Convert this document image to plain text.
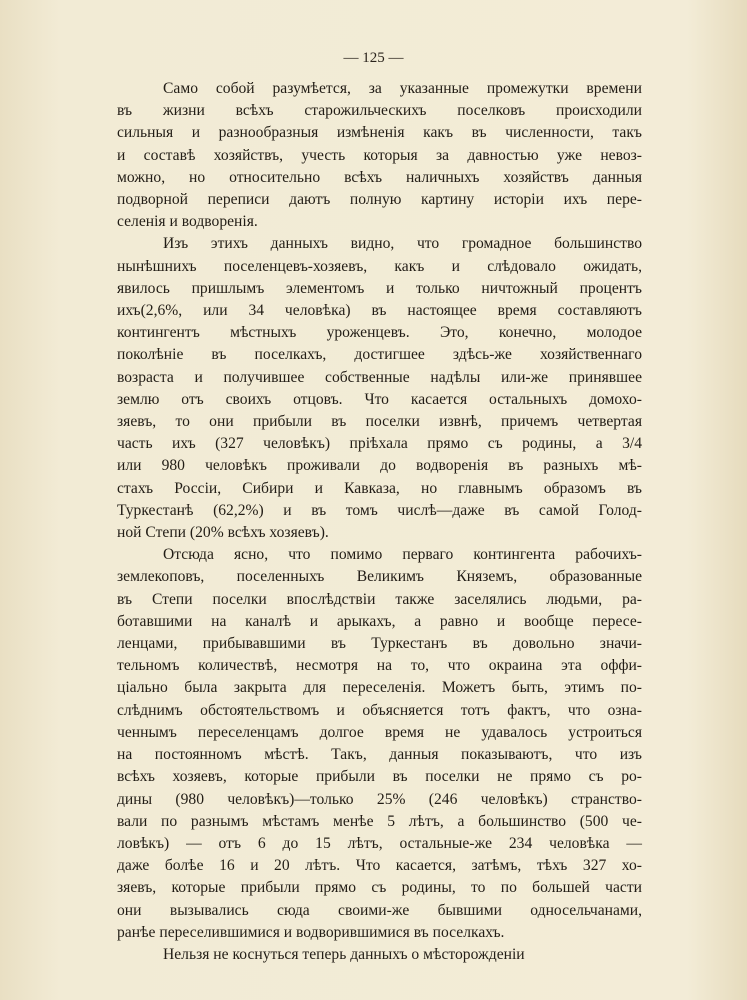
— 125 —

Само собой разумѣется, за указанные промежутки времени
въ жизни всѣхъ старожильческихъ поселковъ происходили
сильныя и разнообразныя измѣненія какъ въ численности, такъ
и составѣ хозяйствъ, учесть которыя за давностью уже невоз-
можно, но относительно всѣхъ наличныхъ хозяйствъ данныя
подворной переписи даютъ полную картину исторіи ихъ пере-
селенія и водворенія.

Изъ этихъ данныхъ видно, что громадное большинство
нынѣшнихъ поселенцевъ-хозяевъ, какъ и слѣдовало ожидать,
явилось пришлымъ элементомъ и только ничтожный процентъ
ихъ(2,6%, или 34 человѣка) въ настоящее время составляютъ
контингентъ мѣстныхъ уроженцевъ. Это, конечно, молодое
поколѣніе въ поселкахъ, достигшее здѣсь-же хозяйственнаго
возраста и получившее собственные надѣлы или-же принявшее
землю отъ своихъ отцовъ. Что касается остальныхъ домохо-
зяевъ, то они прибыли въ поселки извнѣ, причемъ четвертая
часть ихъ (327 человѣкъ) пріѣхала прямо съ родины, а 3/4
или 980 человѣкъ проживали до водворенія въ разныхъ мѣ-
стахъ Россіи, Сибири и Кавказа, но главнымъ образомъ въ
Туркестанѣ (62,2%) и въ томъ числѣ—даже въ самой Голод-
ной Степи (20% всѣхъ хозяевъ).

Отсюда ясно, что помимо перваго контингента рабочихъ-
землекоповъ, поселенныхъ Великимъ Княземъ, образованные
въ Степи поселки впослѣдствіи также заселялись людьми, ра-
ботавшими на каналѣ и арыкахъ, а равно и вообще пересе-
ленцами, прибывавшими въ Туркестанъ въ довольно значи-
тельномъ количествѣ, несмотря на то, что окраина эта оффи-
ціально была закрыта для переселенія. Можетъ быть, этимъ по-
слѣднимъ обстоятельствомъ и объясняется тотъ фактъ, что озна-
ченнымъ переселенцамъ долгое время не удавалось устроиться
на постоянномъ мѣстѣ. Такъ, данныя показываютъ, что изъ
всѣхъ хозяевъ, которые прибыли въ поселки не прямо съ ро-
дины (980 человѣкъ)—только 25% (246 человѣкъ) странство-
вали по разнымъ мѣстамъ менѣе 5 лѣтъ, а большинство (500 че-
ловѣкъ) — отъ 6 до 15 лѣтъ, остальные-же 234 человѣка —
даже болѣе 16 и 20 лѣтъ. Что касается, затѣмъ, тѣхъ 327 хо-
зяевъ, которые прибыли прямо съ родины, то по большей части
они вызывались сюда своими-же бывшими односельчанами,
ранѣе переселившимися и водворившимися въ поселкахъ.

Нельзя не коснуться теперь данныхъ о мѣсторожденіи
